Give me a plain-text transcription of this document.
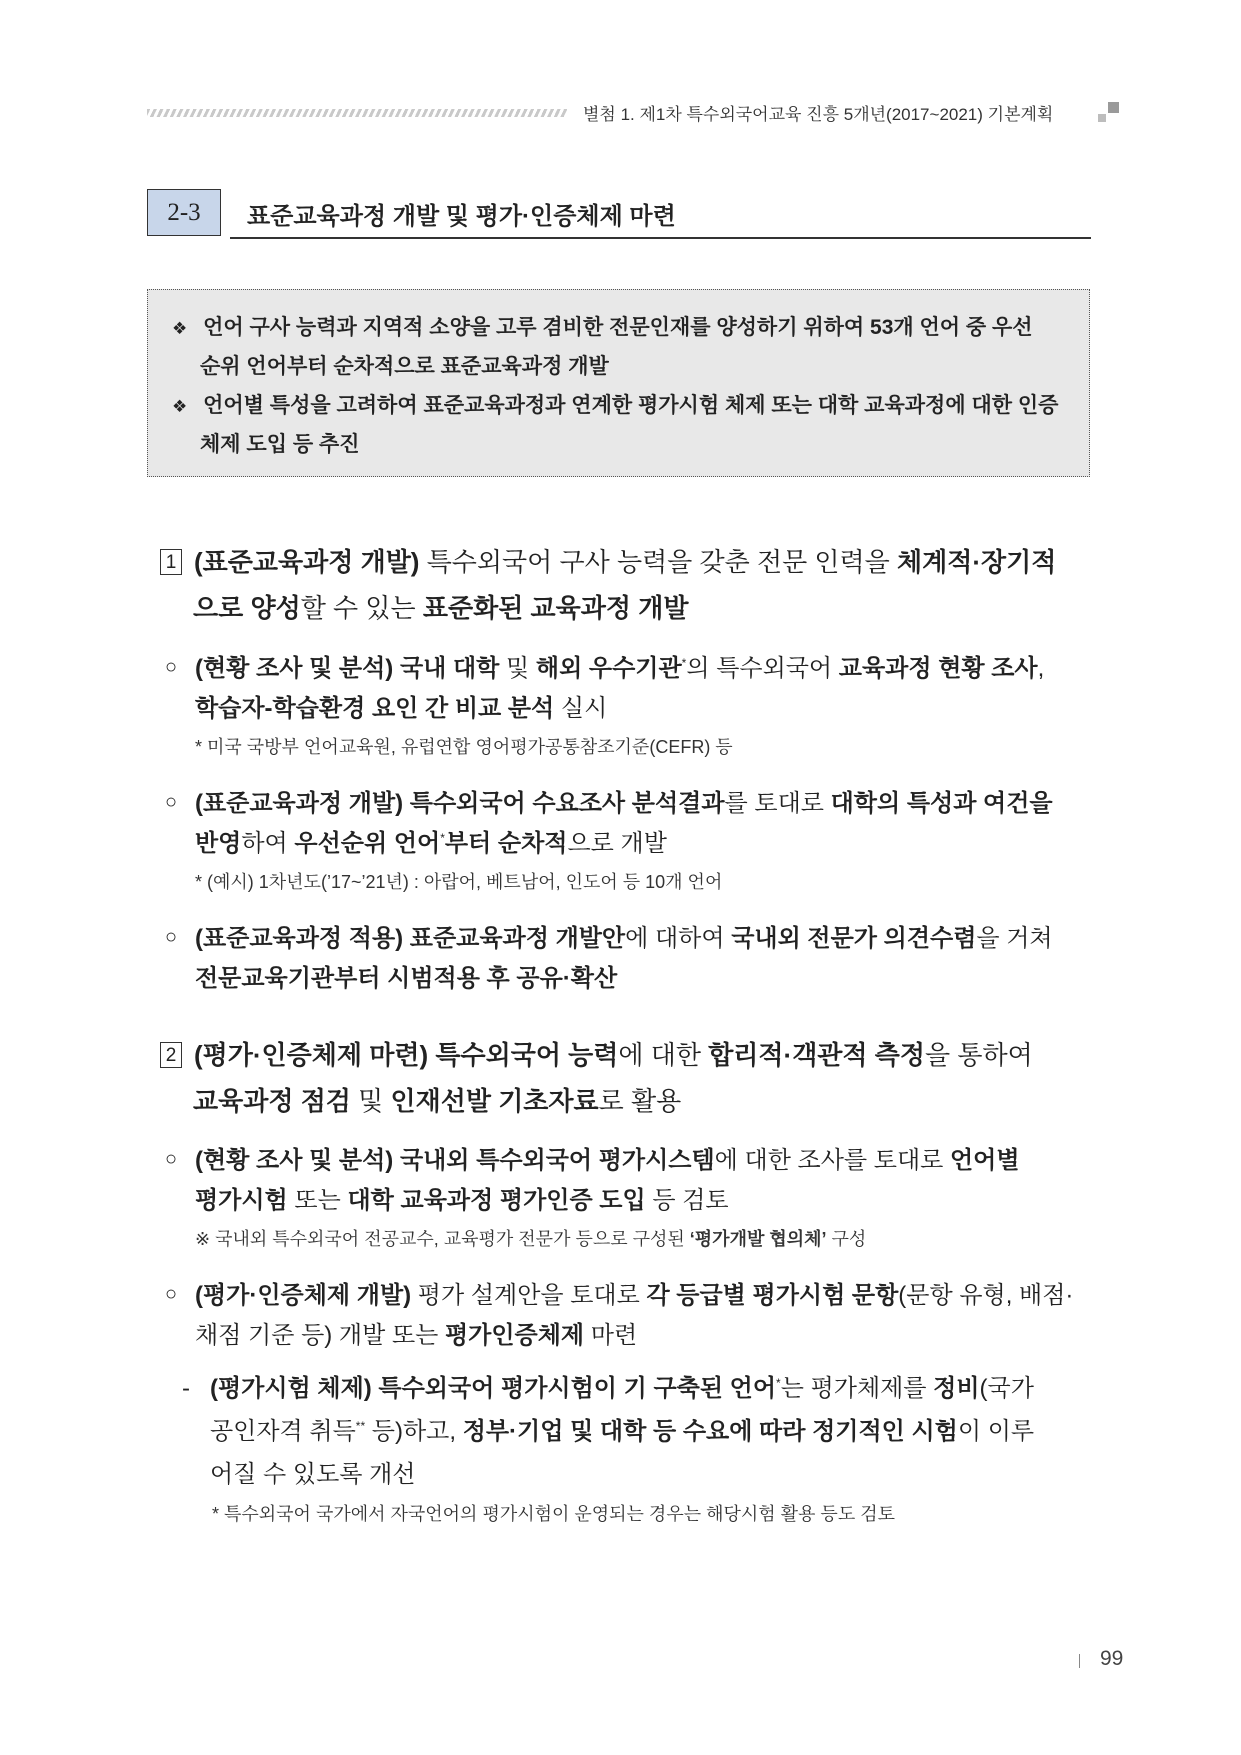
별첨 1. 제1차 특수외국어교육 진흥 5개년(2017~2021) 기본계획
2-3	표준교육과정 개발 및 평가·인증체제 마련
❖ 언어 구사 능력과 지역적 소양을 고루 겸비한 전문인재를 양성하기 위하여 53개 언어 중 우선
순위 언어부터 순차적으로 표준교육과정 개발
❖ 언어별 특성을 고려하여 표준교육과정과 연계한 평가시험 체제 또는 대학 교육과정에 대한 인증
체제 도입 등 추진
1 (표준교육과정 개발) 특수외국어 구사 능력을 갖춘 전문 인력을 체계적·장기적
으로 양성할 수 있는 표준화된 교육과정 개발
○ (현황 조사 및 분석) 국내 대학 및 해외 우수기관*의 특수외국어 교육과정 현황 조사,
학습자-학습환경 요인 간 비교 분석 실시
* 미국 국방부 언어교육원, 유럽연합 영어평가공통참조기준(CEFR) 등
○ (표준교육과정 개발) 특수외국어 수요조사 분석결과를 토대로 대학의 특성과 여건을
반영하여 우선순위 언어*부터 순차적으로 개발
* (예시) 1차년도(’17~’21년) : 아랍어, 베트남어, 인도어 등 10개 언어
○ (표준교육과정 적용) 표준교육과정 개발안에 대하여 국내외 전문가 의견수렴을 거쳐
전문교육기관부터 시범적용 후 공유·확산
2 (평가·인증체제 마련) 특수외국어 능력에 대한 합리적·객관적 측정을 통하여
교육과정 점검 및 인재선발 기초자료로 활용
○ (현황 조사 및 분석) 국내외 특수외국어 평가시스템에 대한 조사를 토대로 언어별
평가시험 또는 대학 교육과정 평가인증 도입 등 검토
※ 국내외 특수외국어 전공교수, 교육평가 전문가 등으로 구성된 ‘평가개발 협의체’ 구성
○ (평가·인증체제 개발) 평가 설계안을 토대로 각 등급별 평가시험 문항(문항 유형, 배점·
채점 기준 등) 개발 또는 평가인증체제 마련
- (평가시험 체제) 특수외국어 평가시험이 기 구축된 언어*는 평가체제를 정비(국가
공인자격 취득** 등)하고, 정부·기업 및 대학 등 수요에 따라 정기적인 시험이 이루
어질 수 있도록 개선
* 특수외국어 국가에서 자국언어의 평가시험이 운영되는 경우는 해당시험 활용 등도 검토
99
